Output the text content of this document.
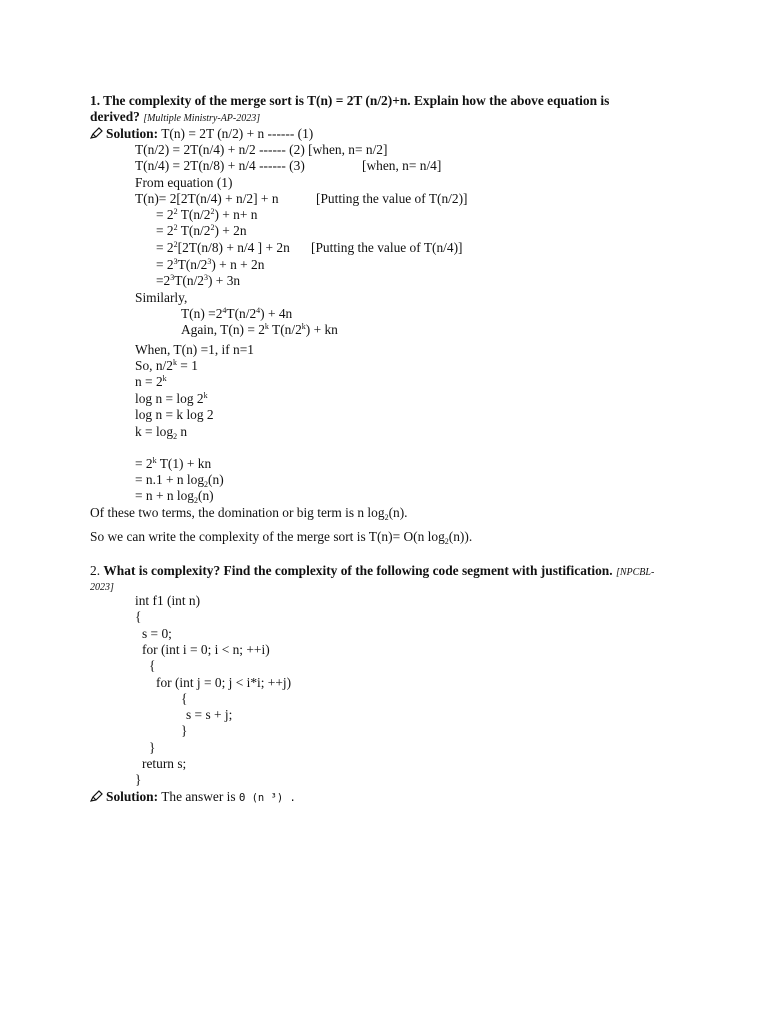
1. The complexity of the merge sort is T(n) = 2T (n/2)+n. Explain how the above equation is
derived? [Multiple Ministry-AP-2023]
Solution: T(n) = 2T (n/2) + n ------ (1)
T(n/2) = 2T(n/4) + n/2 ------ (2) [when, n= n/2]
T(n/4) = 2T(n/8) + n/4 ------ (3)	[when, n= n/4]
From equation (1)
T(n)= 2[2T(n/4) + n/2] + n	[Putting the value of T(n/2)]
= $2^2$ $T(n/2^2) + n+ n$
= $2^2$ $T(n/2^2) + 2n$
= $2^2[2T(n/8) + n/4$ ] + 2n [Putting the value of T(n/4)]
= $2^3T(n/2^3) + n + 2n$
$=2^3T(n/2^3) + 3n$
Similarly,
$T(n) =2^4T(n/2^4) + 4n$
Again, $T(n) = 2^k$ $T(n/2^k)$ + kn
When, T(n) =1, if n=1
So, $n/2^k = 1$
$n = 2^k$
log n = log 2$^k$
log n = k log 2
$k = \log_2 n$
= $2^k$ T(1) + kn
= n.1 + n $\log_2(n)$
= n + n $\log_2(n)$
Of these two terms, the domination or big term is n $\log_2(n)$.
So we can write the complexity of the merge sort is T(n)= O(n $\log_2(n)$).
2. What is complexity? Find the complexity of the following code segment with justification. [NPCBL-
2023]
int f1 (int n)
{
s = 0;
for (int i = 0; i < n; ++i)
{
for (int j = 0; j < i*i; ++j)
{
s = s + j;
}
}
return s;
}
Solution: The answer is Θ (n ³) .
